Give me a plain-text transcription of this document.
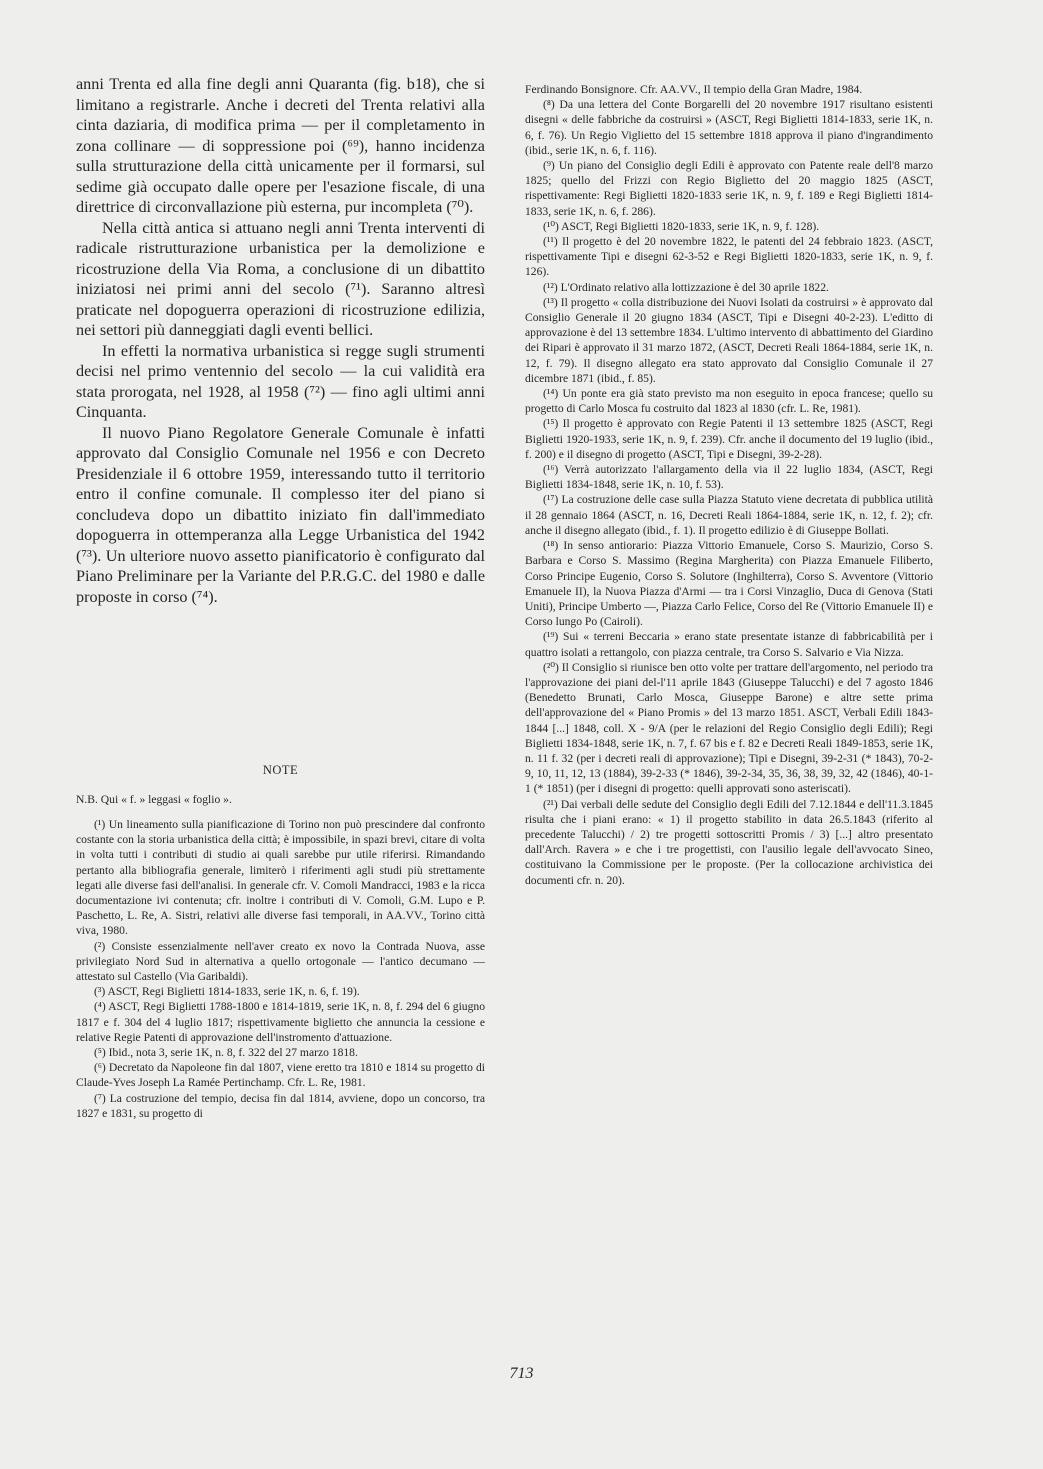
anni Trenta ed alla fine degli anni Quaranta (fig. b18), che si limitano a registrarle. Anche i decreti del Trenta relativi alla cinta daziaria, di modifica prima — per il completamento in zona collinare — di soppressione poi (⁶⁹), hanno incidenza sulla strutturazione della città unicamente per il formarsi, sul sedime già occupato dalle opere per l'esazione fiscale, di una direttrice di circonvallazione più esterna, pur incompleta (⁷⁰).

Nella città antica si attuano negli anni Trenta interventi di radicale ristrutturazione urbanistica per la demolizione e ricostruzione della Via Roma, a conclusione di un dibattito iniziatosi nei primi anni del secolo (⁷¹). Saranno altresì praticate nel dopoguerra operazioni di ricostruzione edilizia, nei settori più danneggiati dagli eventi bellici.

In effetti la normativa urbanistica si regge sugli strumenti decisi nel primo ventennio del secolo — la cui validità era stata prorogata, nel 1928, al 1958 (⁷²) — fino agli ultimi anni Cinquanta.

Il nuovo Piano Regolatore Generale Comunale è infatti approvato dal Consiglio Comunale nel 1956 e con Decreto Presidenziale il 6 ottobre 1959, interessando tutto il territorio entro il confine comunale. Il complesso iter del piano si concludeva dopo un dibattito iniziato fin dall'immediato dopoguerra in ottemperanza alla Legge Urbanistica del 1942 (⁷³). Un ulteriore nuovo assetto pianificatorio è configurato dal Piano Preliminare per la Variante del P.R.G.C. del 1980 e dalle proposte in corso (⁷⁴).

NOTE
N.B. Qui « f. » leggasi « foglio ».

(¹) Un lineamento sulla pianificazione di Torino non può prescindere dal confronto costante con la storia urbanistica della città; è impossibile, in spazi brevi, citare di volta in volta tutti i contributi di studio ai quali sarebbe pur utile riferirsi. Rimandando pertanto alla bibliografia generale, limiterò i riferimenti agli studi più strettamente legati alle diverse fasi dell'analisi. In generale cfr. V. Comoli Mandracci, 1983 e la ricca documentazione ivi contenuta; cfr. inoltre i contributi di V. Comoli, G.M. Lupo e P. Paschetto, L. Re, A. Sistri, relativi alle diverse fasi temporali, in AA.VV., Torino città viva, 1980.

(²) Consiste essenzialmente nell'aver creato ex novo la Contrada Nuova, asse privilegiato Nord Sud in alternativa a quello ortogonale — l'antico decumano — attestato sul Castello (Via Garibaldi).

(³) ASCT, Regi Biglietti 1814-1833, serie 1K, n. 6, f. 19).

(⁴) ASCT, Regi Biglietti 1788-1800 e 1814-1819, serie 1K, n. 8, f. 294 del 6 giugno 1817 e f. 304 del 4 luglio 1817; rispettivamente biglietto che annuncia la cessione e relative Regie Patenti di approvazione dell'instromento d'attuazione.

(⁵) Ibid., nota 3, serie 1K, n. 8, f. 322 del 27 marzo 1818.

(⁶) Decretato da Napoleone fin dal 1807, viene eretto tra 1810 e 1814 su progetto di Claude-Yves Joseph La Ramée Pertinchamp. Cfr. L. Re, 1981.

(⁷) La costruzione del tempio, decisa fin dal 1814, avviene, dopo un concorso, tra 1827 e 1831, su progetto di

Ferdinando Bonsignore. Cfr. AA.VV., Il tempio della Gran Madre, 1984.

(⁸) Da una lettera del Conte Borgarelli del 20 novembre 1917 risultano esistenti disegni « delle fabbriche da costruirsi » (ASCT, Regi Biglietti 1814-1833, serie 1K, n. 6, f. 76). Un Regio Viglietto del 15 settembre 1818 approva il piano d'ingrandimento (ibid., serie 1K, n. 6, f. 116).

(⁹) Un piano del Consiglio degli Edili è approvato con Patente reale dell'8 marzo 1825; quello del Frizzi con Regio Biglietto del 20 maggio 1825 (ASCT, rispettivamente: Regi Biglietti 1820-1833 serie 1K, n. 9, f. 189 e Regi Biglietti 1814-1833, serie 1K, n. 6, f. 286).

(¹⁰) ASCT, Regi Biglietti 1820-1833, serie 1K, n. 9, f. 128).

(¹¹) Il progetto è del 20 novembre 1822, le patenti del 24 febbraio 1823. (ASCT, rispettivamente Tipi e disegni 62-3-52 e Regi Biglietti 1820-1833, serie 1K, n. 9, f. 126).

(¹²) L'Ordinato relativo alla lottizzazione è del 30 aprile 1822.

(¹³) Il progetto « colla distribuzione dei Nuovi Isolati da costruirsi » è approvato dal Consiglio Generale il 20 giugno 1834 (ASCT, Tipi e Disegni 40-2-23). L'editto di approvazione è del 13 settembre 1834. L'ultimo intervento di abbattimento del Giardino dei Ripari è approvato il 31 marzo 1872, (ASCT, Decreti Reali 1864-1884, serie 1K, n. 12, f. 79). Il disegno allegato era stato approvato dal Consiglio Comunale il 27 dicembre 1871 (ibid., f. 85).

(¹⁴) Un ponte era già stato previsto ma non eseguito in epoca francese; quello su progetto di Carlo Mosca fu costruito dal 1823 al 1830 (cfr. L. Re, 1981).

(¹⁵) Il progetto è approvato con Regie Patenti il 13 settembre 1825 (ASCT, Regi Biglietti 1920-1933, serie 1K, n. 9, f. 239). Cfr. anche il documento del 19 luglio (ibid., f. 200) e il disegno di progetto (ASCT, Tipi e Disegni, 39-2-28).

(¹⁶) Verrà autorizzato l'allargamento della via il 22 luglio 1834, (ASCT, Regi Biglietti 1834-1848, serie 1K, n. 10, f. 53).

(¹⁷) La costruzione delle case sulla Piazza Statuto viene decretata di pubblica utilità il 28 gennaio 1864 (ASCT, n. 16, Decreti Reali 1864-1884, serie 1K, n. 12, f. 2); cfr. anche il disegno allegato (ibid., f. 1). Il progetto edilizio è di Giuseppe Bollati.

(¹⁸) In senso antiorario: Piazza Vittorio Emanuele, Corso S. Maurizio, Corso S. Barbara e Corso S. Massimo (Regina Margherita) con Piazza Emanuele Filiberto, Corso Principe Eugenio, Corso S. Solutore (Inghilterra), Corso S. Avventore (Vittorio Emanuele II), la Nuova Piazza d'Armi — tra i Corsi Vinzaglio, Duca di Genova (Stati Uniti), Principe Umberto —, Piazza Carlo Felice, Corso del Re (Vittorio Emanuele II) e Corso lungo Po (Cairoli).

(¹⁹) Sui « terreni Beccaria » erano state presentate istanze di fabbricabilità per i quattro isolati a rettangolo, con piazza centrale, tra Corso S. Salvario e Via Nizza.

(²⁰) Il Consiglio si riunisce ben otto volte per trattare dell'argomento, nel periodo tra l'approvazione dei piani del-l'11 aprile 1843 (Giuseppe Talucchi) e del 7 agosto 1846 (Benedetto Brunati, Carlo Mosca, Giuseppe Barone) e altre sette prima dell'approvazione del « Piano Promis » del 13 marzo 1851. ASCT, Verbali Edili 1843-1844 [...] 1848, coll. X - 9/A (per le relazioni del Regio Consiglio degli Edili); Regi Biglietti 1834-1848, serie 1K, n. 7, f. 67 bis e f. 82 e Decreti Reali 1849-1853, serie 1K, n. 11 f. 32 (per i decreti reali di approvazione); Tipi e Disegni, 39-2-31 (* 1843), 70-2-9, 10, 11, 12, 13 (1884), 39-2-33 (* 1846), 39-2-34, 35, 36, 38, 39, 32, 42 (1846), 40-1-1 (* 1851) (per i disegni di progetto: quelli approvati sono asteriscati).

(²¹) Dai verbali delle sedute del Consiglio degli Edili del 7.12.1844 e dell'11.3.1845 risulta che i piani erano: « 1) il progetto stabilito in data 26.5.1843 (riferito al precedente Talucchi) / 2) tre progetti sottoscritti Promis / 3) [...] altro presentato dall'Arch. Ravera » e che i tre progettisti, con l'ausilio legale dell'avvocato Sineo, costituivano la Commissione per le proposte. (Per la collocazione archivistica dei documenti cfr. n. 20).

713
